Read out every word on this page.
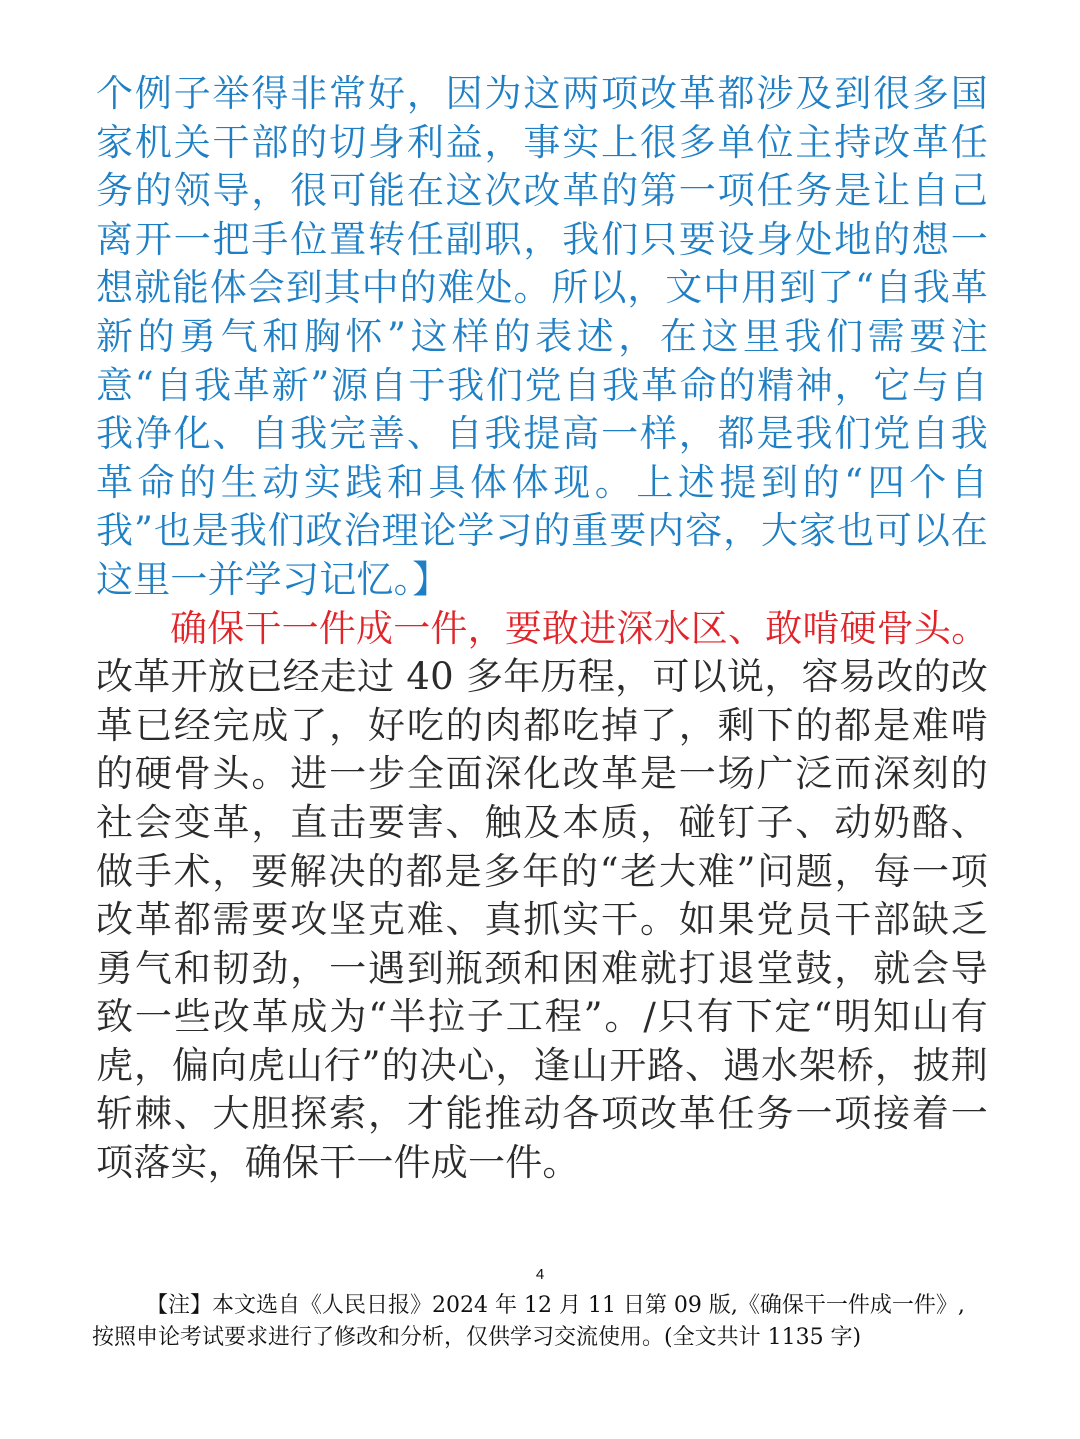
个例子举得非常好，因为这两项改革都涉及到很多国家机关干部的切身利益，事实上很多单位主持改革任务的领导，很可能在这次改革的第一项任务是让自己离开一把手位置转任副职，我们只要设身处地的想一想就能体会到其中的难处。所以，文中用到了“自我革新的勇气和胸怀”这样的表述，在这里我们需要注意“自我革新”源自于我们党自我革命的精神，它与自我净化、自我完善、自我提高一样，都是我们党自我革命的生动实践和具体体现。上述提到的“四个自我”也是我们政治理论学习的重要内容，大家也可以在这里一并学习记忆。】

确保干一件成一件，要敢进深水区、敢啃硬骨头。

改革开放已经走过 40 多年历程，可以说，容易改的改革已经完成了，好吃的肉都吃掉了，剩下的都是难啃的硬骨头。进一步全面深化改革是一场广泛而深刻的社会变革，直击要害、触及本质，碰钉子、动奶酪、做手术，要解决的都是多年的“老大难”问题，每一项改革都需要攻坚克难、真抓实干。如果党员干部缺乏勇气和韧劲，一遇到瓶颈和困难就打退堂鼓，就会导致一些改革成为“半拉子工程”。/只有下定“明知山有虎，偏向虎山行”的决心，逢山开路、遇水架桥，披荆斩棘、大胆探索，才能推动各项改革任务一项接着一项落实，确保干一件成一件。

4
【注】本文选自《人民日报》2024 年 12 月 11 日第 09 版,《确保干一件成一件》,
按照申论考试要求进行了修改和分析，仅供学习交流使用。(全文共计 1135 字)
